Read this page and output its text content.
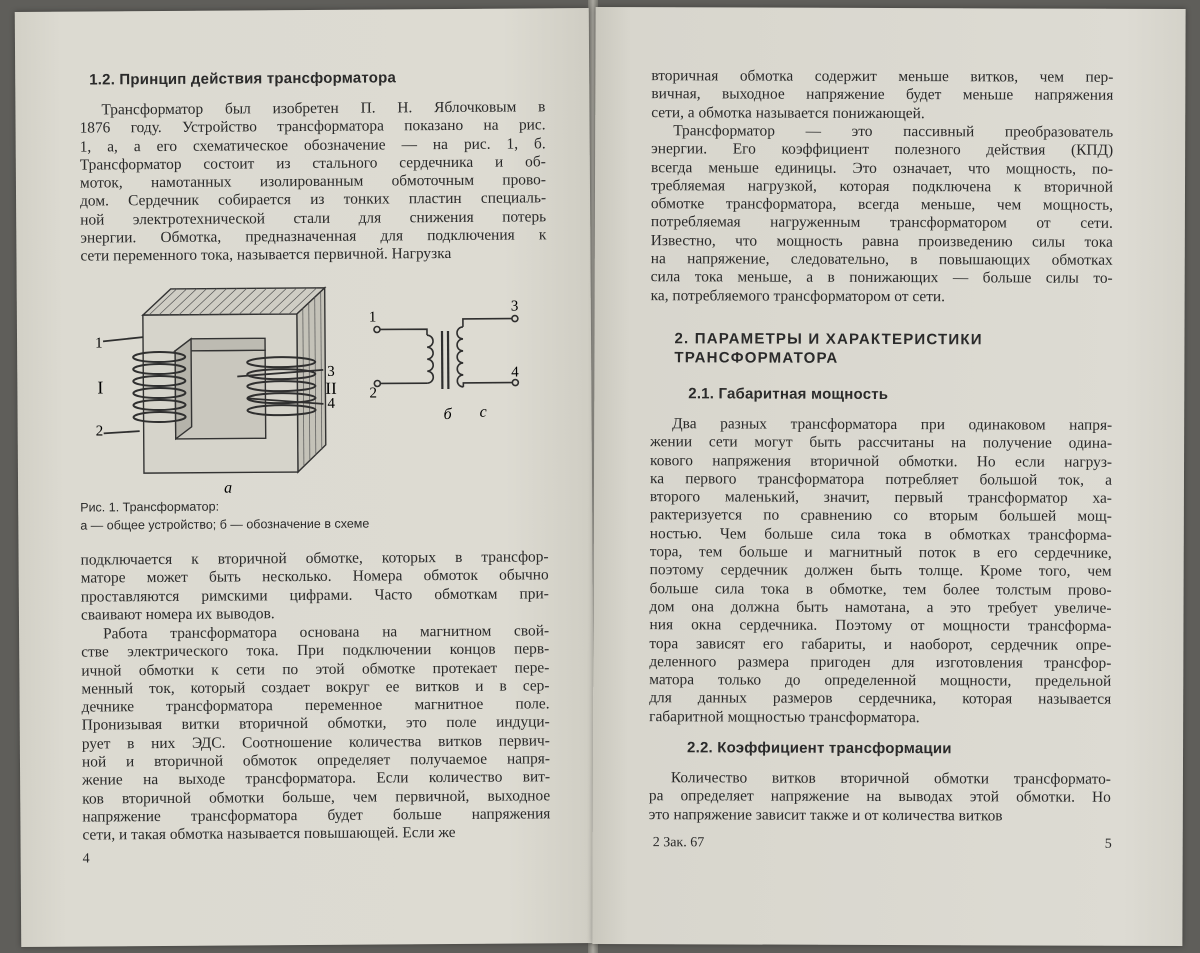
1.2. Принцип действия трансформатора

Трансформатор был изобретен П. Н. Яблочковым в

1876 году. Устройство трансформатора показано на рис.

1, а, а его схематическое обозначение — на рис. 1, б.

Трансформатор состоит из стального сердечника и об-

моток, намотанных изолированным обмоточным прово-

дом. Сердечник собирается из тонких пластин специаль-

ной электротехнической стали для снижения потерь

энергии. Обмотка, предназначенная для подключения к

сети переменного тока, называется первичной. Нагрузка

1
2
I
3
4
II
а
1
2
3
4
б с
Рис. 1. Трансформатор:
а — общее устройство; б — обозначение в схеме

подключается к вторичной обмотке, которых в трансфор-

маторе может быть несколько. Номера обмоток обычно

проставляются римскими цифрами. Часто обмоткам при-

сваивают номера их выводов.

Работа трансформатора основана на магнитном свой-

стве электрического тока. При подключении концов перв-

ичной обмотки к сети по этой обмотке протекает пере-

менный ток, который создает вокруг ее витков и в сер-

дечнике трансформатора переменное магнитное поле.

Пронизывая витки вторичной обмотки, это поле индуци-

рует в них ЭДС. Соотношение количества витков первич-

ной и вторичной обмоток определяет получаемое напря-

жение на выходе трансформатора. Если количество вит-

ков вторичной обмотки больше, чем первичной, выходное

напряжение трансформатора будет больше напряжения

сети, и такая обмотка называется повышающей. Если же

4

вторичная обмотка содержит меньше витков, чем пер-

вичная, выходное напряжение будет меньше напряжения

сети, а обмотка называется понижающей.

Трансформатор — это пассивный преобразователь

энергии. Его коэффициент полезного действия (КПД)

всегда меньше единицы. Это означает, что мощность, по-

требляемая нагрузкой, которая подключена к вторичной

обмотке трансформатора, всегда меньше, чем мощность,

потребляемая нагруженным трансформатором от сети.

Известно, что мощность равна произведению силы тока

на напряжение, следовательно, в повышающих обмотках

сила тока меньше, а в понижающих — больше силы то-

ка, потребляемого трансформатором от сети.

2. ПАРАМЕТРЫ И ХАРАКТЕРИСТИКИ
ТРАНСФОРМАТОРА
2.1. Габаритная мощность

Два разных трансформатора при одинаковом напря-

жении сети могут быть рассчитаны на получение одина-

кового напряжения вторичной обмотки. Но если нагруз-

ка первого трансформатора потребляет большой ток, а

второго маленький, значит, первый трансформатор ха-

рактеризуется по сравнению со вторым большей мощ-

ностью. Чем больше сила тока в обмотках трансформа-

тора, тем больше и магнитный поток в его сердечнике,

поэтому сердечник должен быть толще. Кроме того, чем

больше сила тока в обмотке, тем более толстым прово-

дом она должна быть намотана, а это требует увеличе-

ния окна сердечника. Поэтому от мощности трансформа-

тора зависят его габариты, и наоборот, сердечник опре-

деленного размера пригоден для изготовления трансфор-

матора только до определенной мощности, предельной

для данных размеров сердечника, которая называется

габаритной мощностью трансформатора.

2.2. Коэффициент трансформации

Количество витков вторичной обмотки трансформато-

ра определяет напряжение на выводах этой обмотки. Но

это напряжение зависит также и от количества витков

2 Зак. 67	5
